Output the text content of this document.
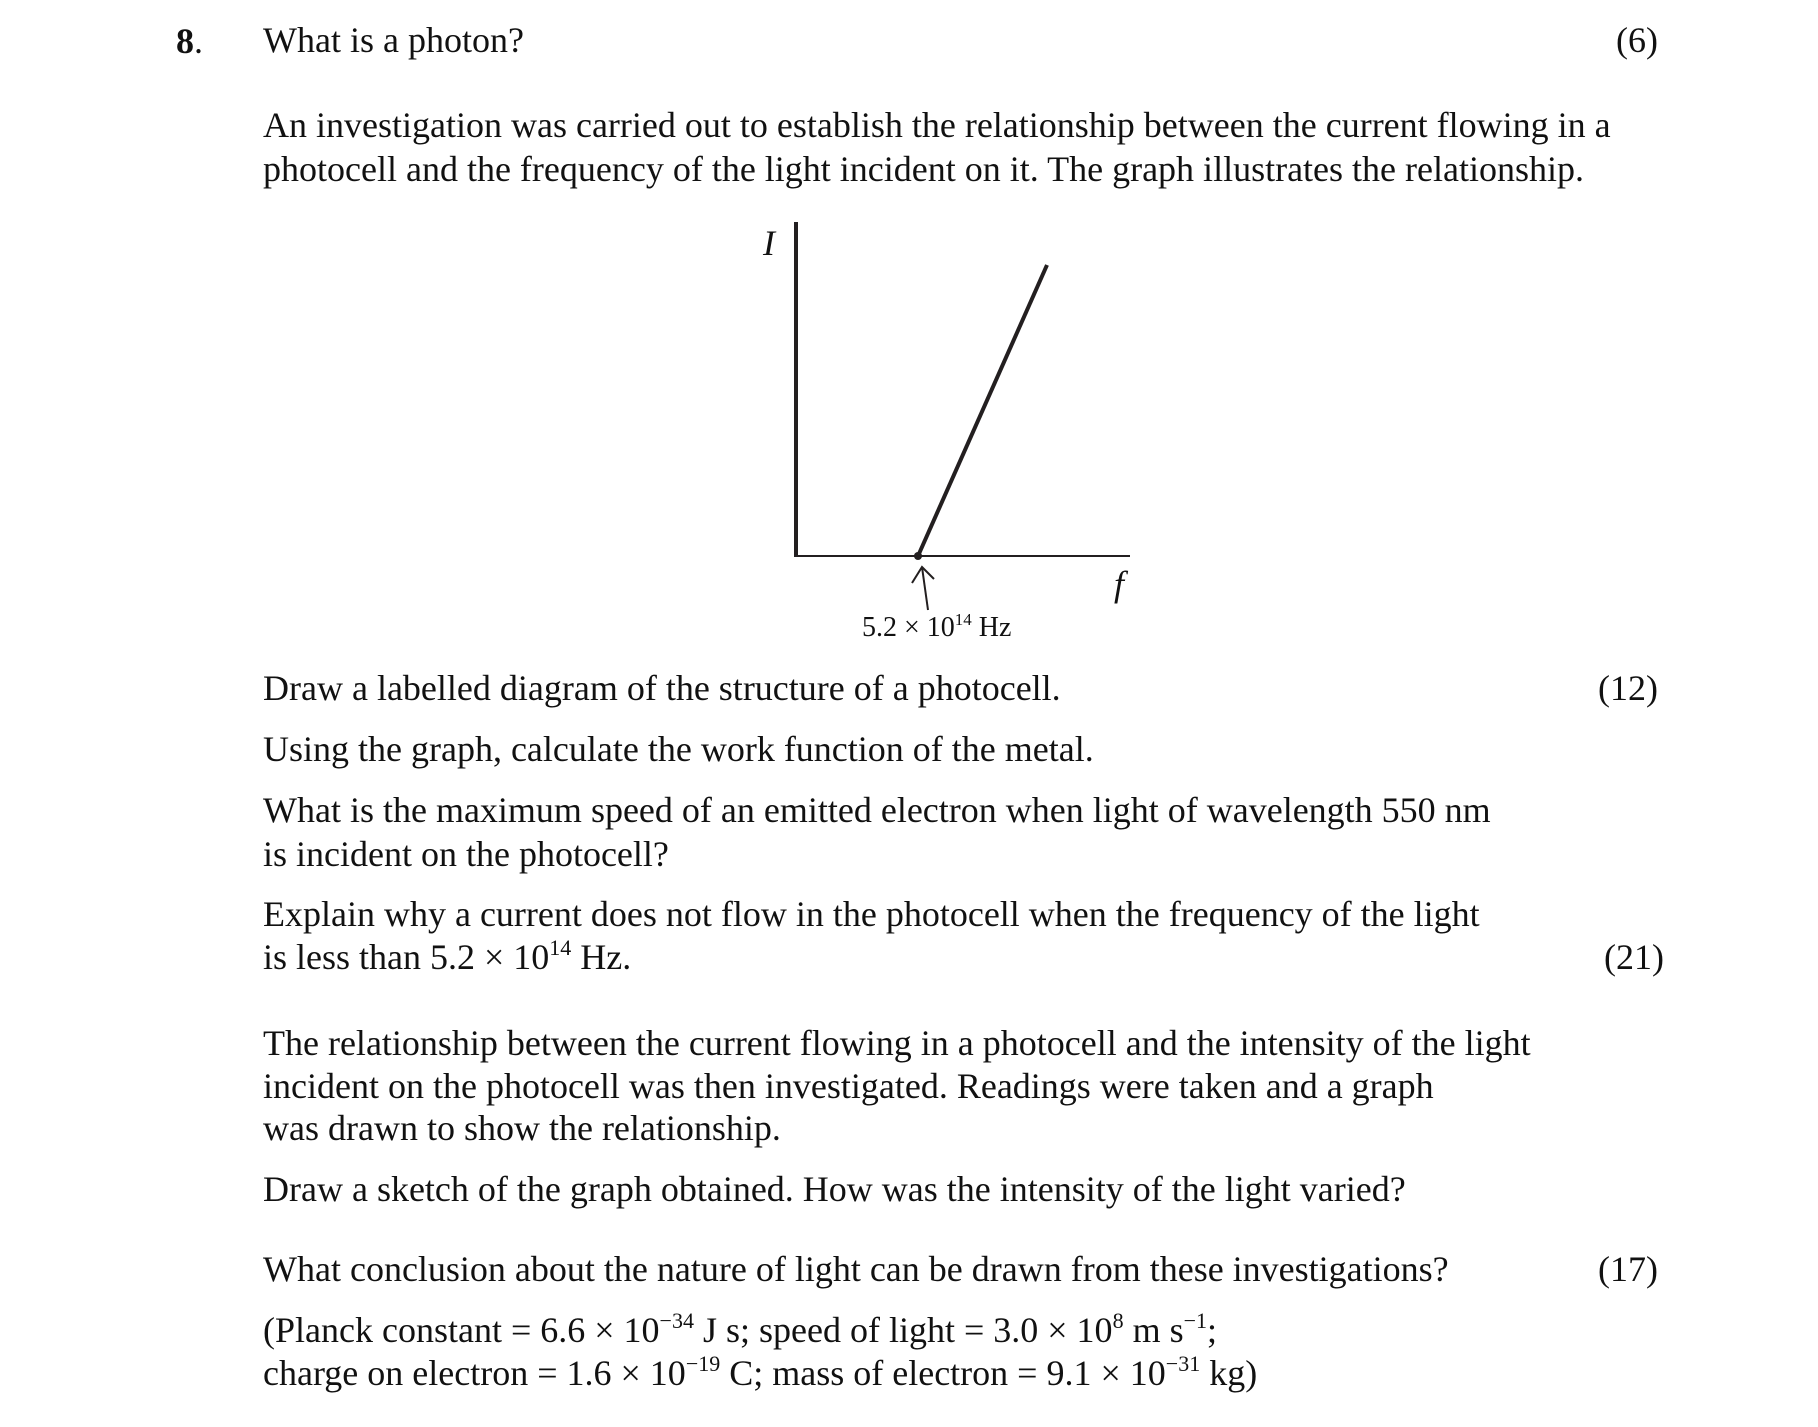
8. What is a photon?	(6)
An investigation was carried out to establish the relationship between the current flowing in a
photocell and the frequency of the light incident on it. The graph illustrates the relationship.
I
f
$5.2 \times 10^{14}$ Hz
Draw a labelled diagram of the structure of a photocell.	(12)
Using the graph, calculate the work function of the metal.
What is the maximum speed of an emitted electron when light of wavelength 550 nm
is incident on the photocell?
Explain why a current does not flow in the photocell when the frequency of the light
is less than $5.2 \times 10^{14}$ Hz.	(21)
The relationship between the current flowing in a photocell and the intensity of the light
incident on the photocell was then investigated. Readings were taken and a graph
was drawn to show the relationship.
Draw a sketch of the graph obtained. How was the intensity of the light varied?
What conclusion about the nature of light can be drawn from these investigations?	(17)
(Planck constant = $6.6 \times 10^{-34}$ J s; speed of light = $3.0 \times 10^8$ m $s^{-1}$;
charge on electron = $1.6 \times 10^{-19}$ C; mass of electron = $9.1 \times 10^{-31}$ kg)
